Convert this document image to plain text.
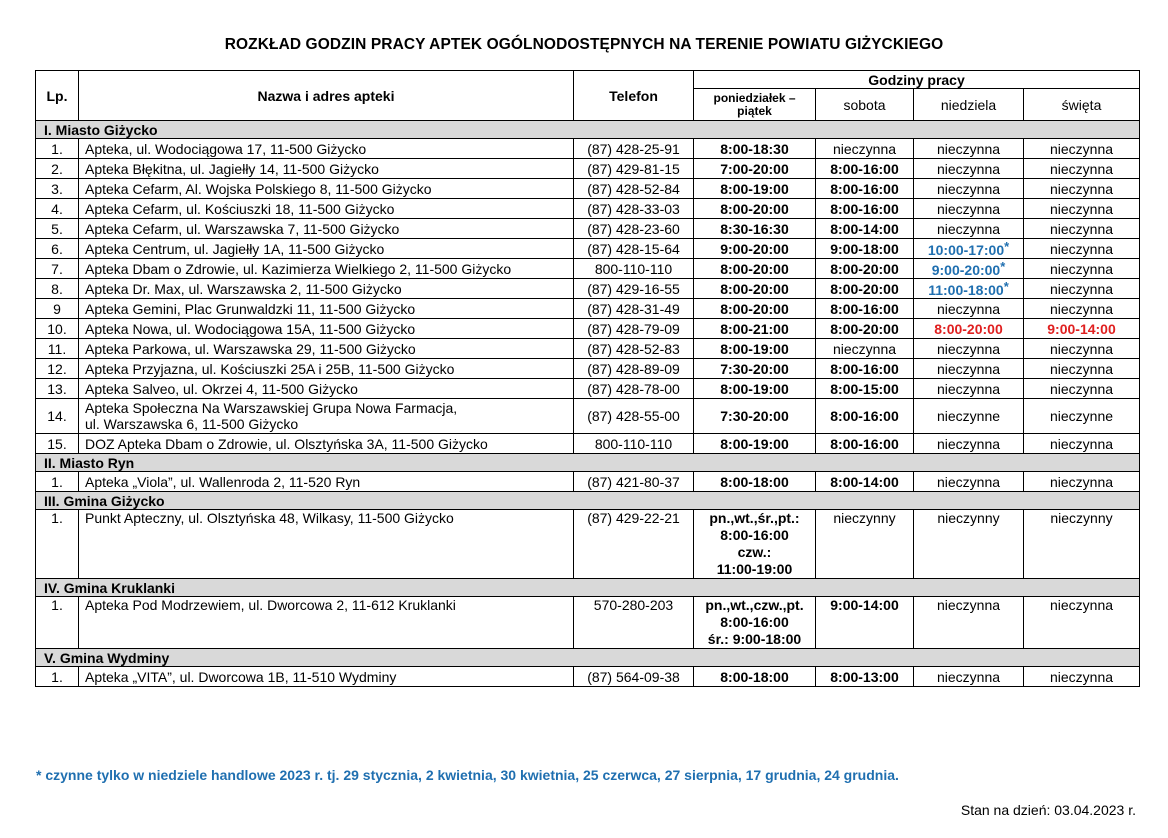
ROZKŁAD GODZIN PRACY APTEK OGÓLNODOSTĘPNYCH NA TERENIE POWIATU GIŻYCKIEGO
Lp.	Nazwa i adres apteki	Telefon	Godziny pracy			
			poniedziałek – piątek	sobota	niedziela	święta
I. Miasto Giżycko						
1.	Apteka, ul. Wodociągowa 17, 11-500 Giżycko	(87) 428-25-91	8:00-18:30	nieczynna	nieczynna	nieczynna
2.	Apteka Błękitna, ul. Jagiełły 14, 11-500 Giżycko	(87) 429-81-15	7:00-20:00	8:00-16:00	nieczynna	nieczynna
3.	Apteka Cefarm, Al. Wojska Polskiego 8, 11-500 Giżycko	(87) 428-52-84	8:00-19:00	8:00-16:00	nieczynna	nieczynna
4.	Apteka Cefarm, ul. Kościuszki 18, 11-500 Giżycko	(87) 428-33-03	8:00-20:00	8:00-16:00	nieczynna	nieczynna
5.	Apteka Cefarm, ul. Warszawska 7, 11-500 Giżycko	(87) 428-23-60	8:30-16:30	8:00-14:00	nieczynna	nieczynna
6.	Apteka Centrum, ul. Jagiełły 1A, 11-500 Giżycko	(87) 428-15-64	9:00-20:00	9:00-18:00	10:00-17:00*	nieczynna
7.	Apteka Dbam o Zdrowie, ul. Kazimierza Wielkiego 2, 11-500 Giżycko	800-110-110	8:00-20:00	8:00-20:00	9:00-20:00*	nieczynna
8.	Apteka Dr. Max, ul. Warszawska 2, 11-500 Giżycko	(87) 429-16-55	8:00-20:00	8:00-20:00	11:00-18:00*	nieczynna
9	Apteka Gemini, Plac Grunwaldzki 11, 11-500 Giżycko	(87) 428-31-49	8:00-20:00	8:00-16:00	nieczynna	nieczynna
10.	Apteka Nowa, ul. Wodociągowa 15A, 11-500 Giżycko	(87) 428-79-09	8:00-21:00	8:00-20:00	8:00-20:00	9:00-14:00
11.	Apteka Parkowa, ul. Warszawska 29, 11-500 Giżycko	(87) 428-52-83	8:00-19:00	nieczynna	nieczynna	nieczynna
12.	Apteka Przyjazna, ul. Kościuszki 25A i 25B, 11-500 Giżycko	(87) 428-89-09	7:30-20:00	8:00-16:00	nieczynna	nieczynna
13.	Apteka Salveo, ul. Okrzei 4, 11-500 Giżycko	(87) 428-78-00	8:00-19:00	8:00-15:00	nieczynna	nieczynna
14.	Apteka Społeczna Na Warszawskiej Grupa Nowa Farmacja,
ul. Warszawska 6, 11-500 Giżycko	(87) 428-55-00	7:30-20:00	8:00-16:00	nieczynne	nieczynne
15.	DOZ Apteka Dbam o Zdrowie, ul. Olsztyńska 3A, 11-500 Giżycko	800-110-110	8:00-19:00	8:00-16:00	nieczynna	nieczynna
II. Miasto Ryn						
1.	Apteka „Viola”, ul. Wallenroda 2, 11-520 Ryn	(87) 421-80-37	8:00-18:00	8:00-14:00	nieczynna	nieczynna
III. Gmina Giżycko						
1.	Punkt Apteczny, ul. Olsztyńska 48, Wilkasy, 11-500 Giżycko	(87) 429-22-21	pn.,wt.,śr.,pt.:
8:00-16:00
czw.:
11:00-19:00	nieczynny	nieczynny	nieczynny
IV. Gmina Kruklanki						
1.	Apteka Pod Modrzewiem, ul. Dworcowa 2, 11-612 Kruklanki	570-280-203	pn.,wt.,czw.,pt.
8:00-16:00
śr.: 9:00-18:00	9:00-14:00	nieczynna	nieczynna
V. Gmina Wydminy						
1.	Apteka „VITA”, ul. Dworcowa 1B, 11-510 Wydminy	(87) 564-09-38	8:00-18:00	8:00-13:00	nieczynna	nieczynna
* czynne tylko w niedziele handlowe 2023 r. tj. 29 stycznia, 2 kwietnia, 30 kwietnia, 25 czerwca, 27 sierpnia, 17 grudnia, 24 grudnia.
Stan na dzień: 03.04.2023 r.
